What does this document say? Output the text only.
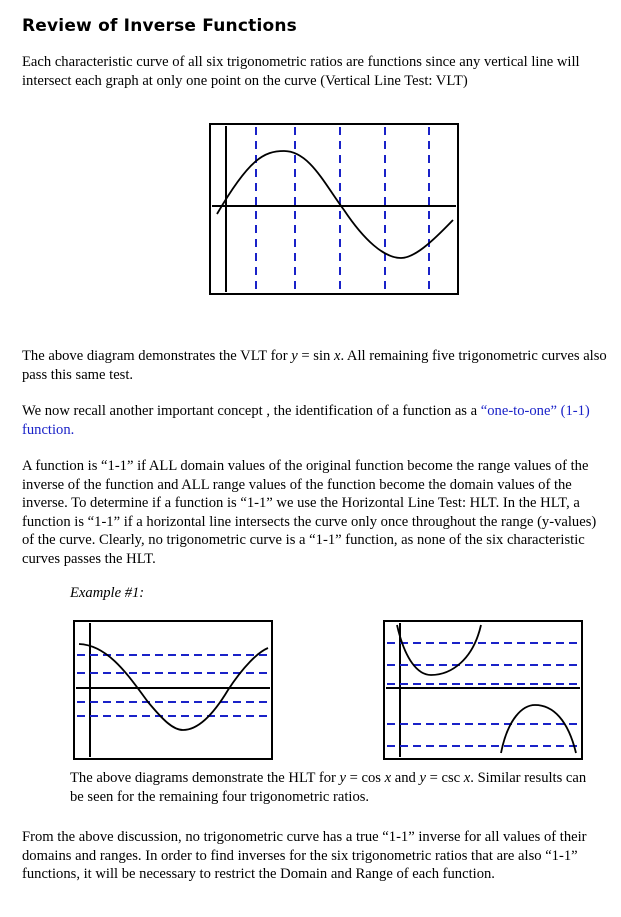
Review of Inverse Functions

Each characteristic curve of all six trigonometric ratios are functions since any vertical line will intersect each graph at only one point on the curve (Vertical Line Test: VLT)

The above diagram demonstrates the VLT for y = sin x. All remaining five trigonometric curves also pass this same test.

We now recall another important concept , the identification of a function as a “one-to-one” (1-1) function.

A function is “1-1” if ALL domain values of the original function become the range values of the inverse of the function and ALL range values of the function become the domain values of the inverse. To determine if a function is “1-1” we use the Horizontal Line Test: HLT. In the HLT, a function is “1-1” if a horizontal line intersects the curve only once throughout the range (y-values) of the curve. Clearly, no trigonometric curve is a “1-1” function, as none of the six characteristic curves passes the HLT.

Example #1:

The above diagrams demonstrate the HLT for y = cos x and y = csc x. Similar results can be seen for the remaining four trigonometric ratios.

From the above discussion, no trigonometric curve has a true “1-1” inverse for all values of their domains and ranges. In order to find inverses for the six trigonometric ratios that are also “1-1” functions, it will be necessary to restrict the Domain and Range of each function.
